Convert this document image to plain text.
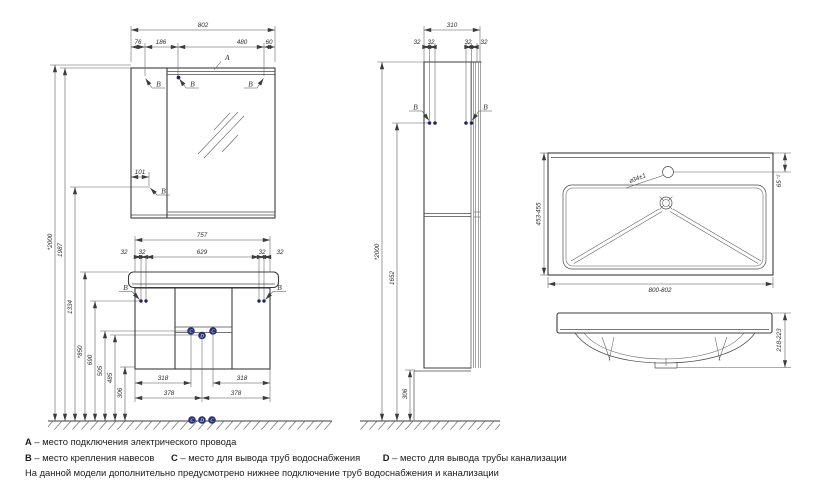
*2000 1987
1334
*850
690
505
485
306
802
76 186	480	60
A
B	B	B
101
B
757
32 32	629	32 32
B	B
C
D
C
318	318
378	378
C D C
*2000
1652
306
310
32 32	32 32
B	B
⌀34±1
800-802
453-455
65⁻²
218-223
А – место подключения электрического провода
В – место крепления навесов С – место для вывода труб водоснабжения D – место для вывода трубы канализации
На данной модели дополнительно предусмотрено нижнее подключение труб водоснабжения и канализации
